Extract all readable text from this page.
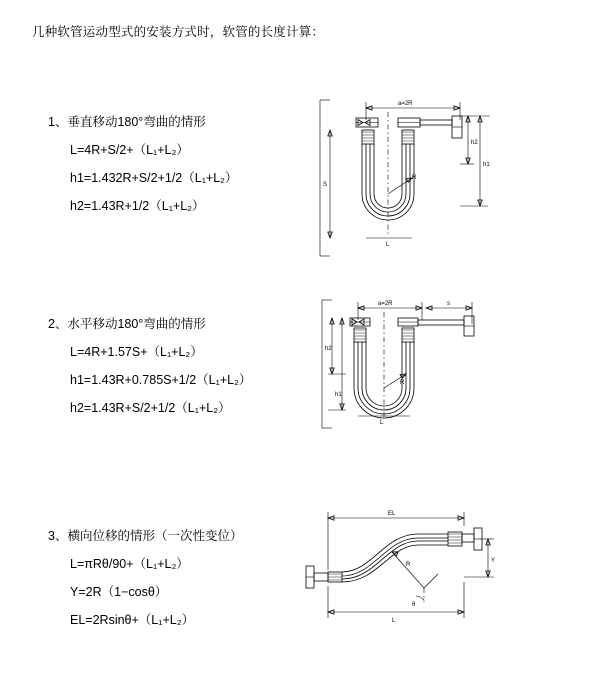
几种软管运动型式的安装方式时，软管的长度计算：
1、垂直移动180°弯曲的情形
L=4R+S/2+（L₁+L₂）
h1=1.432R+S/2+1/2（L₁+L₂）
h2=1.43R+1/2（L₁+L₂）
a=2R
h2
h1
R
L
S
2、水平移动180°弯曲的情形
L=4R+1.57S+（L₁+L₂）
h1=1.43R+0.785S+1/2（L₁+L₂）
h2=1.43R+S/2+1/2（L₁+L₂）
a=2R	s
R
h2
h1
L
3、横向位移的情形（一次性变位）
L=πRθ/90+（L₁+L₂）
Y=2R（1−cosθ）
EL=2Rsinθ+（L₁+L₂）
EL
Y
R
θ
L
